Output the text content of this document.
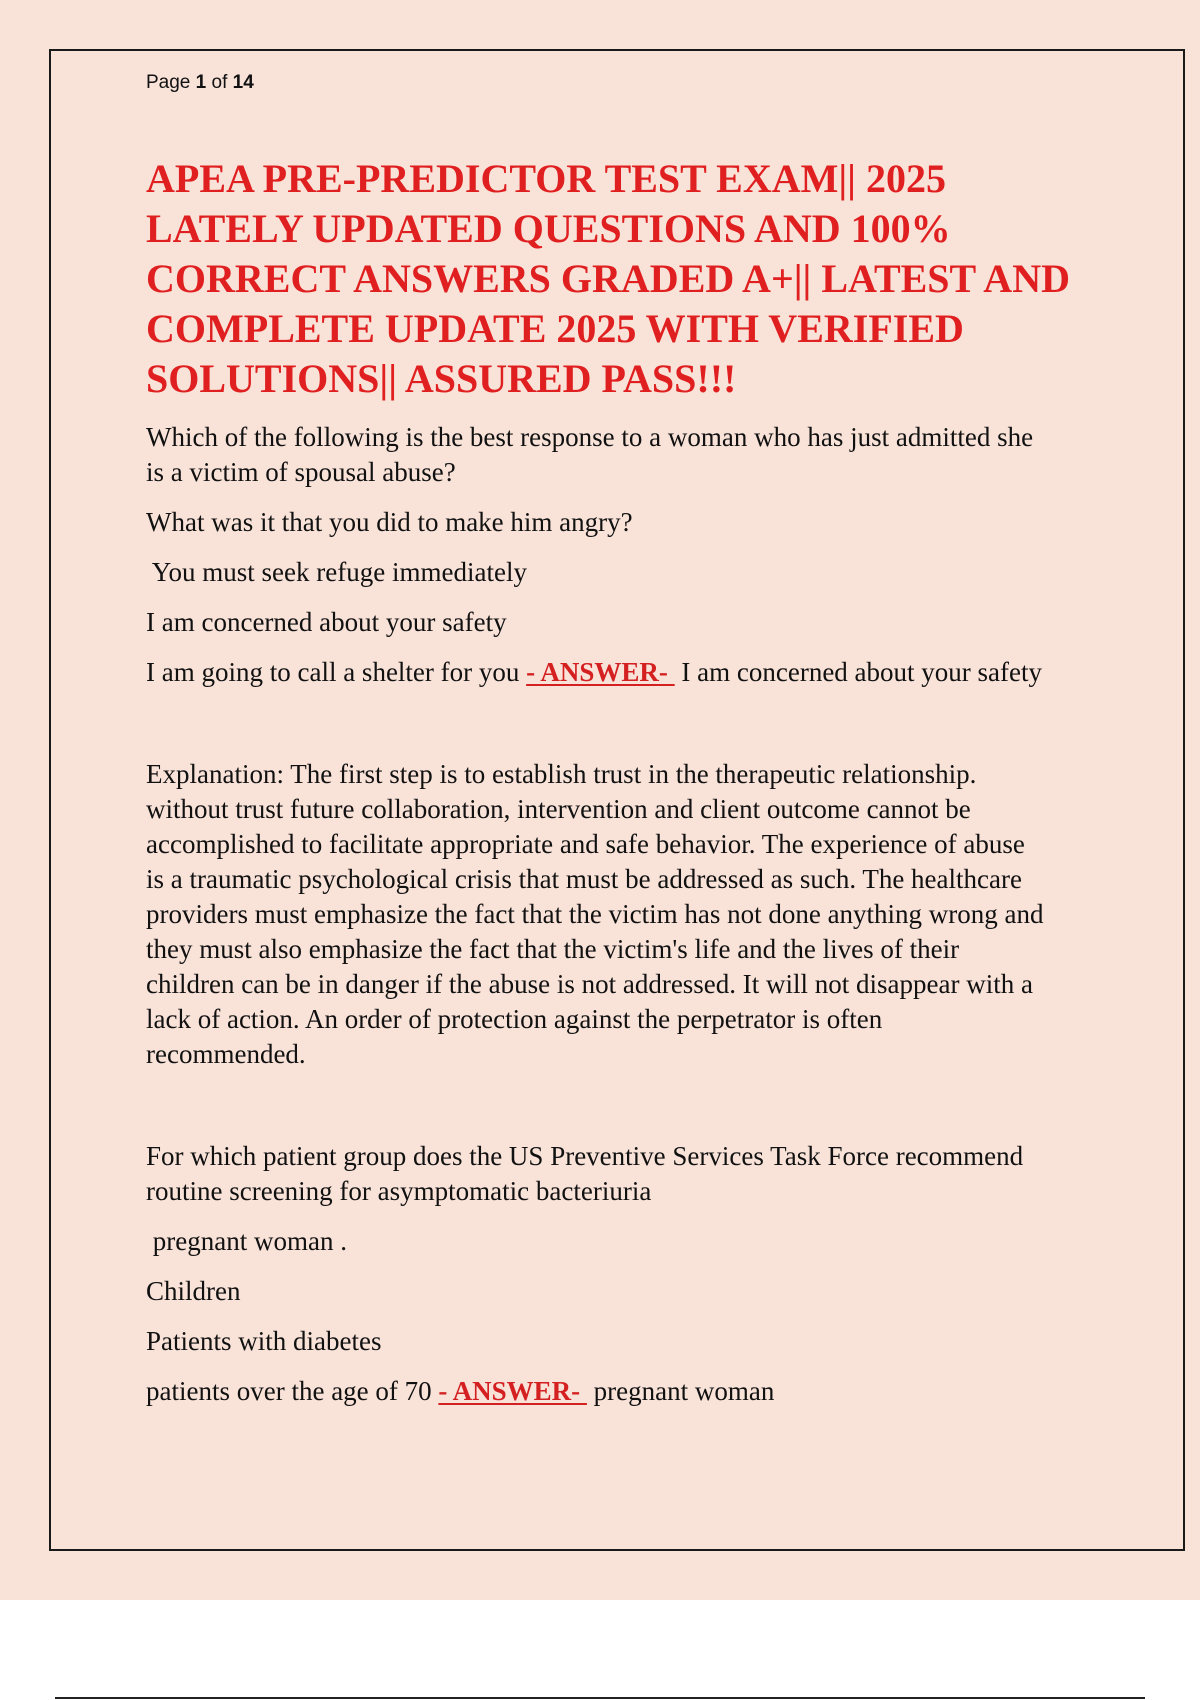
Page 1 of 14
APEA PRE-PREDICTOR TEST EXAM|| 2025
LATELY UPDATED QUESTIONS AND 100%
CORRECT ANSWERS GRADED A+|| LATEST AND
COMPLETE UPDATE 2025 WITH VERIFIED
SOLUTIONS|| ASSURED PASS!!!

Which of the following is the best response to a woman who has just admitted she
is a victim of spousal abuse?

What was it that you did to make him angry?

You must seek refuge immediately

I am concerned about your safety

I am going to call a shelter for you - ANSWER-  I am concerned about your safety

Explanation: The first step is to establish trust in the therapeutic relationship.
without trust future collaboration, intervention and client outcome cannot be
accomplished to facilitate appropriate and safe behavior. The experience of abuse
is a traumatic psychological crisis that must be addressed as such. The healthcare
providers must emphasize the fact that the victim has not done anything wrong and
they must also emphasize the fact that the victim's life and the lives of their
children can be in danger if the abuse is not addressed. It will not disappear with a
lack of action. An order of protection against the perpetrator is often
recommended.

For which patient group does the US Preventive Services Task Force recommend
routine screening for asymptomatic bacteriuria

pregnant woman .

Children

Patients with diabetes

patients over the age of 70 - ANSWER-  pregnant woman
